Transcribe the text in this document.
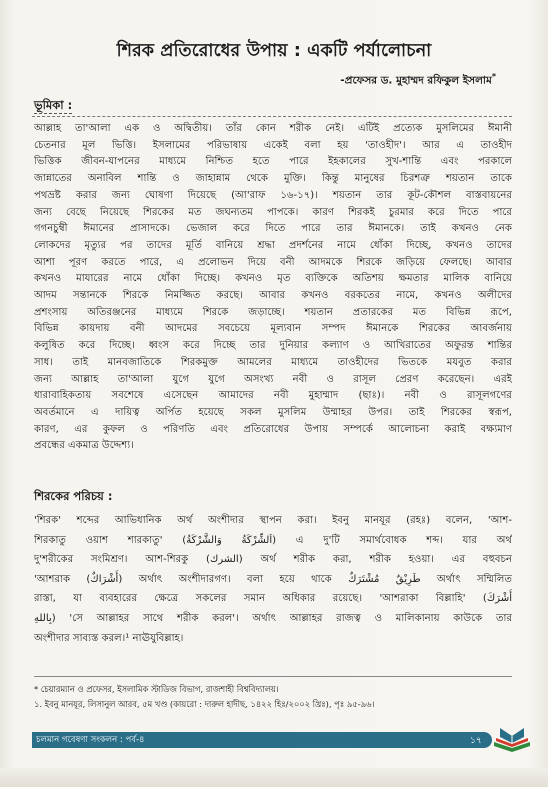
শিরক প্রতিরোধের উপায় : একটি পর্যালোচনা
-প্রফেসর ড. মুহাম্মদ রফিকুল ইসলাম*
ভূমিকা :
আল্লাহ তা'আলা এক ও অদ্বিতীয়। তাঁর কোন শরীক নেই। এটিই প্রত্যেক মুসলিমের ঈমানী
চেতনার মূল ভিত্তি। ইসলামের পরিভাষায় একেই বলা হয় 'তাওহীদ'। আর এ তাওহীদ
ভিত্তিক জীবন-যাপনের মাধ্যমে নিশ্চিত হতে পারে ইহকালের সুখ-শান্তি এবং পরকালে
জান্নাতের অনাবিল শান্তি ও জাহান্নাম থেকে মুক্তি। কিন্তু মানুষের চিরশত্রু শয়তান তাকে
পথভ্রষ্ট করার জন্য ঘোষণা দিয়েছে (আ'রাফ ১৬-১৭)। শয়তান তার কূট-কৌশল বাস্তবায়নের
জন্য বেছে নিয়েছে শিরকের মত জঘন্যতম পাপকে। কারণ শিরকই চুরমার করে দিতে পারে
গগনচুম্বী ঈমানের প্রাসাদকে। ভেজাল করে দিতে পারে তার ঈমানকে। তাই কখনও নেক
লোকদের মৃত্যুর পর তাদের মূর্তি বানিয়ে শ্রদ্ধা প্রদর্শনের নামে ধোঁকা দিচ্ছে, কখনও তাদের
আশা পূরণ করতে পারে, এ প্রলোভন দিয়ে বনী আদমকে শিরকে জড়িয়ে ফেলছে। আবার
কখনও মাযারের নামে ধোঁকা দিচ্ছে। কখনও মৃত ব্যক্তিকে অতিশয় ক্ষমতার মালিক বানিয়ে
আদম সন্তানকে শিরকে নিমজ্জিত করছে। আবার কখনও বরকতের নামে, কখনও অলীদের
প্রশংসায় অতিরঞ্জনের মাধ্যমে শিরকে জড়াচ্ছে। শয়তান প্রতারকের মত বিভিন্ন রূপে,
বিভিন্ন কায়দায় বনী আদমের সবচেয়ে মূল্যবান সম্পদ ঈমানকে শিরকের আবর্জনায়
কলুষিত করে দিচ্ছে। ধ্বংস করে দিচ্ছে তার দুনিয়ার কল্যাণ ও আখিরাতের অফুরন্ত শান্তির
সাধ। তাই মানবজাতিকে শিরকমুক্ত আমলের মাধ্যমে তাওহীদের ভিতকে মযবুত করার
জন্য আল্লাহ তা'আলা যুগে যুগে অসংখ্য নবী ও রাসূল প্রেরণ করেছেন। এরই
ধারাবাহিকতায় সবশেষে এসেছেন আমাদের নবী মুহাম্মাদ (ছাঃ)। নবী ও রাসূলগণের
অবর্তমানে এ দায়িত্ব অর্পিত হয়েছে সকল মুসলিম উম্মাহর উপর। তাই শিরকের স্বরূপ,
কারণ, এর কুফল ও পরিণতি এবং প্রতিরোধের উপায় সম্পর্কে আলোচনা করাই বক্ষ্যমাণ
প্রবন্ধের একমাত্র উদ্দেশ্য।
শিরকের পরিচয় :
'শিরক' শব্দের আভিধানিক অর্থ অংশীদার স্থাপন করা। ইবনু মানযূর (রহঃ) বলেন, 'আশ-
শিরকাতু ওয়াশ শারকাতু' (اَلشِّرْكَةُ وَالشَّرْكَةُ) এ দু'টি সমার্থবোধক শব্দ। যার অর্থ
দু'শরীকের সংমিশ্রণ। আশ-শিরকু (الشرك) অর্থ শরীক করা, শরীক হওয়া। এর বহুবচন
'আশরাক (أَشْرَاكٌ) অর্থাৎ অংশীদারগণ। বলা হয়ে থাকে طَرِيْقٌ مُشْتَرَكٌ অর্থাৎ সম্মিলিত
রাস্তা, যা ব্যবহারের ক্ষেত্রে সকলের সমান অধিকার রয়েছে। 'আশরাকা বিল্লাহি' (أَشْرَكَ
بِاللهِ) 'সে আল্লাহর সাথে শরীক করল'। অর্থাৎ আল্লাহর রাজত্ব ও মালিকানায় কাউকে তার
অংশীদার সাব্যস্ত করল।¹ নাঊযুবিল্লাহ।
* চেয়ারম্যান ও প্রফেসর, ইসলামিক স্টাডিজ বিভাগ, রাজশাহী বিশ্ববিদ্যালয়।
১. ইবনু মানযূর, লিসানুল আরব, ৫ম খণ্ড (কায়রো : দারুল হাদীছ, ১৪২২ হিঃ/২০০২ খ্রিঃ), পৃঃ ৯৫-৯৬।
চলমান গবেষণা সংকলন : পর্ব-৪	১৭
